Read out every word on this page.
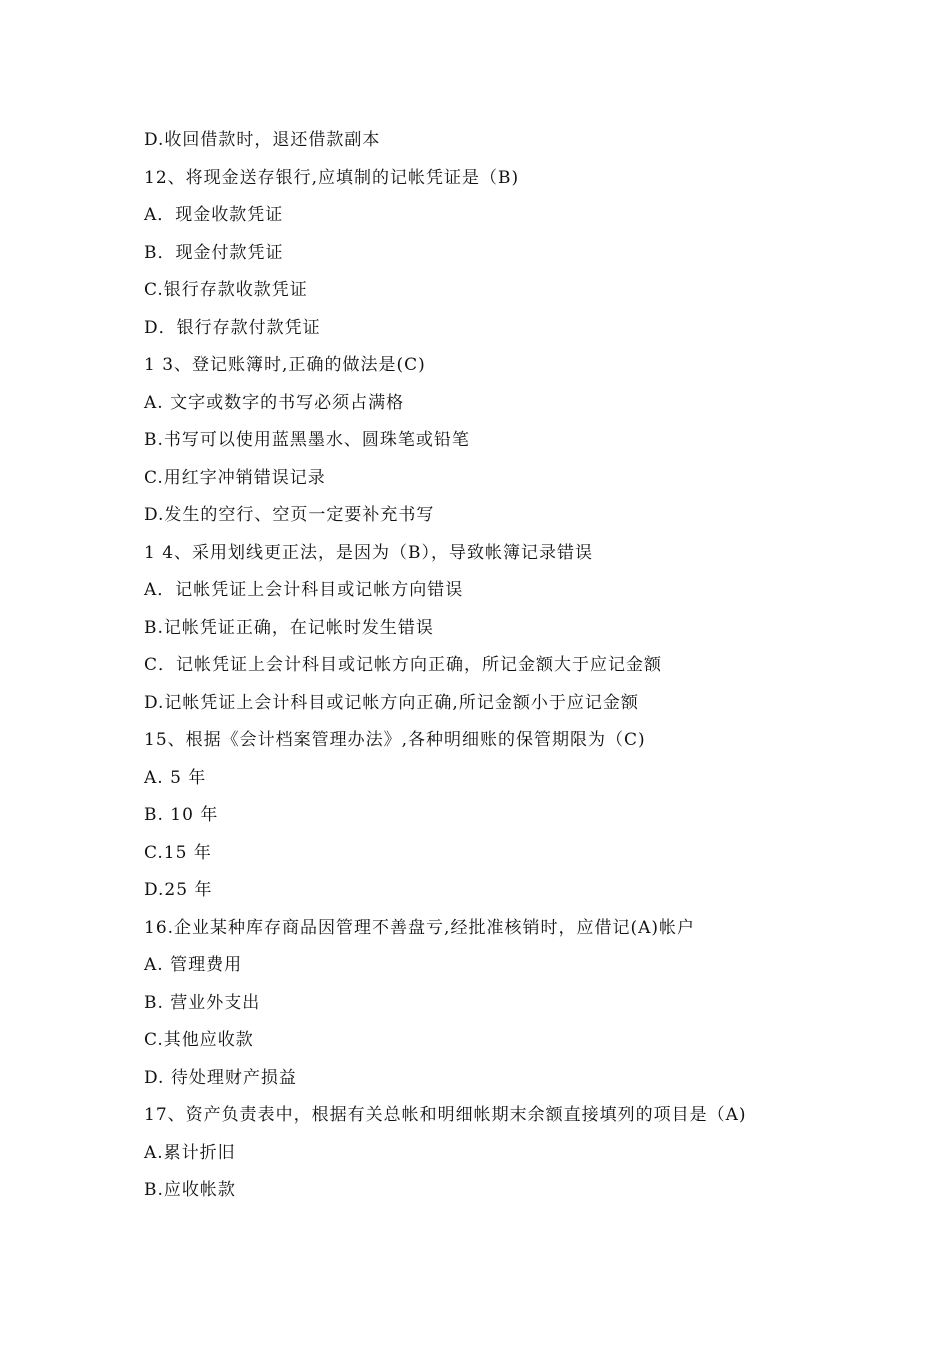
D.收回借款时，退还借款副本
12、将现金送存银行,应填制的记帐凭证是（B)
A．现金收款凭证
B．现金付款凭证
C.银行存款收款凭证
D．银行存款付款凭证
1 3、登记账簿时,正确的做法是(C)
A. 文字或数字的书写必须占满格
B.书写可以使用蓝黑墨水、圆珠笔或铅笔
C.用红字冲销错误记录
D.发生的空行、空页一定要补充书写
1 4、采用划线更正法，是因为（B），导致帐簿记录错误
A．记帐凭证上会计科目或记帐方向错误
B.记帐凭证正确，在记帐时发生错误
C．记帐凭证上会计科目或记帐方向正确，所记金额大于应记金额
D.记帐凭证上会计科目或记帐方向正确,所记金额小于应记金额
15、根据《会计档案管理办法》,各种明细账的保管期限为（C)
A. 5 年
B. 10 年
C.15 年
D.25 年
16.企业某种库存商品因管理不善盘亏,经批准核销时，应借记(A)帐户
A. 管理费用
B. 营业外支出
C.其他应收款
D. 待处理财产损益
17、资产负责表中，根据有关总帐和明细帐期末余额直接填列的项目是（A)
A.累计折旧
B.应收帐款
